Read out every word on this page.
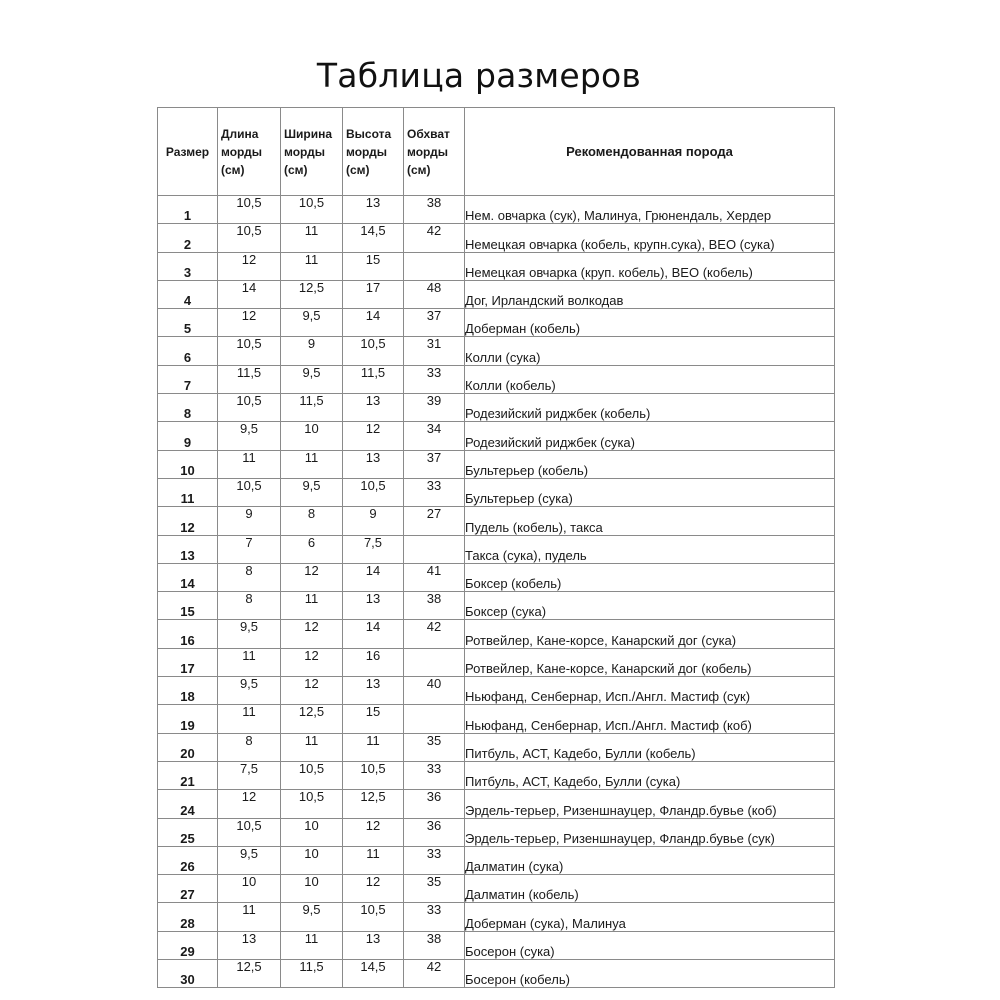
Таблица размеров
Размер	Длина морды (см)	Ширина морды (см)	Высота морды (см)	Обхват морды (см)	Рекомендованная порода
1	10,5	10,5	13	38	Нем. овчарка (сук), Малинуа, Грюнендаль, Хердер
2	10,5	11	14,5	42	Немецкая овчарка (кобель, крупн.сука), ВЕО (сука)
3	12	11	15		Немецкая овчарка (круп. кобель), ВЕО (кобель)
4	14	12,5	17	48	Дог, Ирландский волкодав
5	12	9,5	14	37	Доберман (кобель)
6	10,5	9	10,5	31	Колли (сука)
7	11,5	9,5	11,5	33	Колли (кобель)
8	10,5	11,5	13	39	Родезийский риджбек (кобель)
9	9,5	10	12	34	Родезийский риджбек (сука)
10	11	11	13	37	Бультерьер (кобель)
11	10,5	9,5	10,5	33	Бультерьер (сука)
12	9	8	9	27	Пудель (кобель), такса
13	7	6	7,5		Такса (сука), пудель
14	8	12	14	41	Боксер (кобель)
15	8	11	13	38	Боксер (сука)
16	9,5	12	14	42	Ротвейлер, Кане-корсе, Канарский дог (сука)
17	11	12	16		Ротвейлер, Кане-корсе, Канарский дог (кобель)
18	9,5	12	13	40	Ньюфанд, Сенбернар, Исп./Англ. Мастиф (сук)
19	11	12,5	15		Ньюфанд, Сенбернар, Исп./Англ. Мастиф (коб)
20	8	11	11	35	Питбуль, АСТ, Кадебо, Булли (кобель)
21	7,5	10,5	10,5	33	Питбуль, АСТ, Кадебо, Булли (сука)
24	12	10,5	12,5	36	Эрдель-терьер, Ризеншнауцер, Фландр.бувье (коб)
25	10,5	10	12	36	Эрдель-терьер, Ризеншнауцер, Фландр.бувье (сук)
26	9,5	10	11	33	Далматин (сука)
27	10	10	12	35	Далматин (кобель)
28	11	9,5	10,5	33	Доберман (сука), Малинуа
29	13	11	13	38	Босерон (сука)
30	12,5	11,5	14,5	42	Босерон (кобель)
